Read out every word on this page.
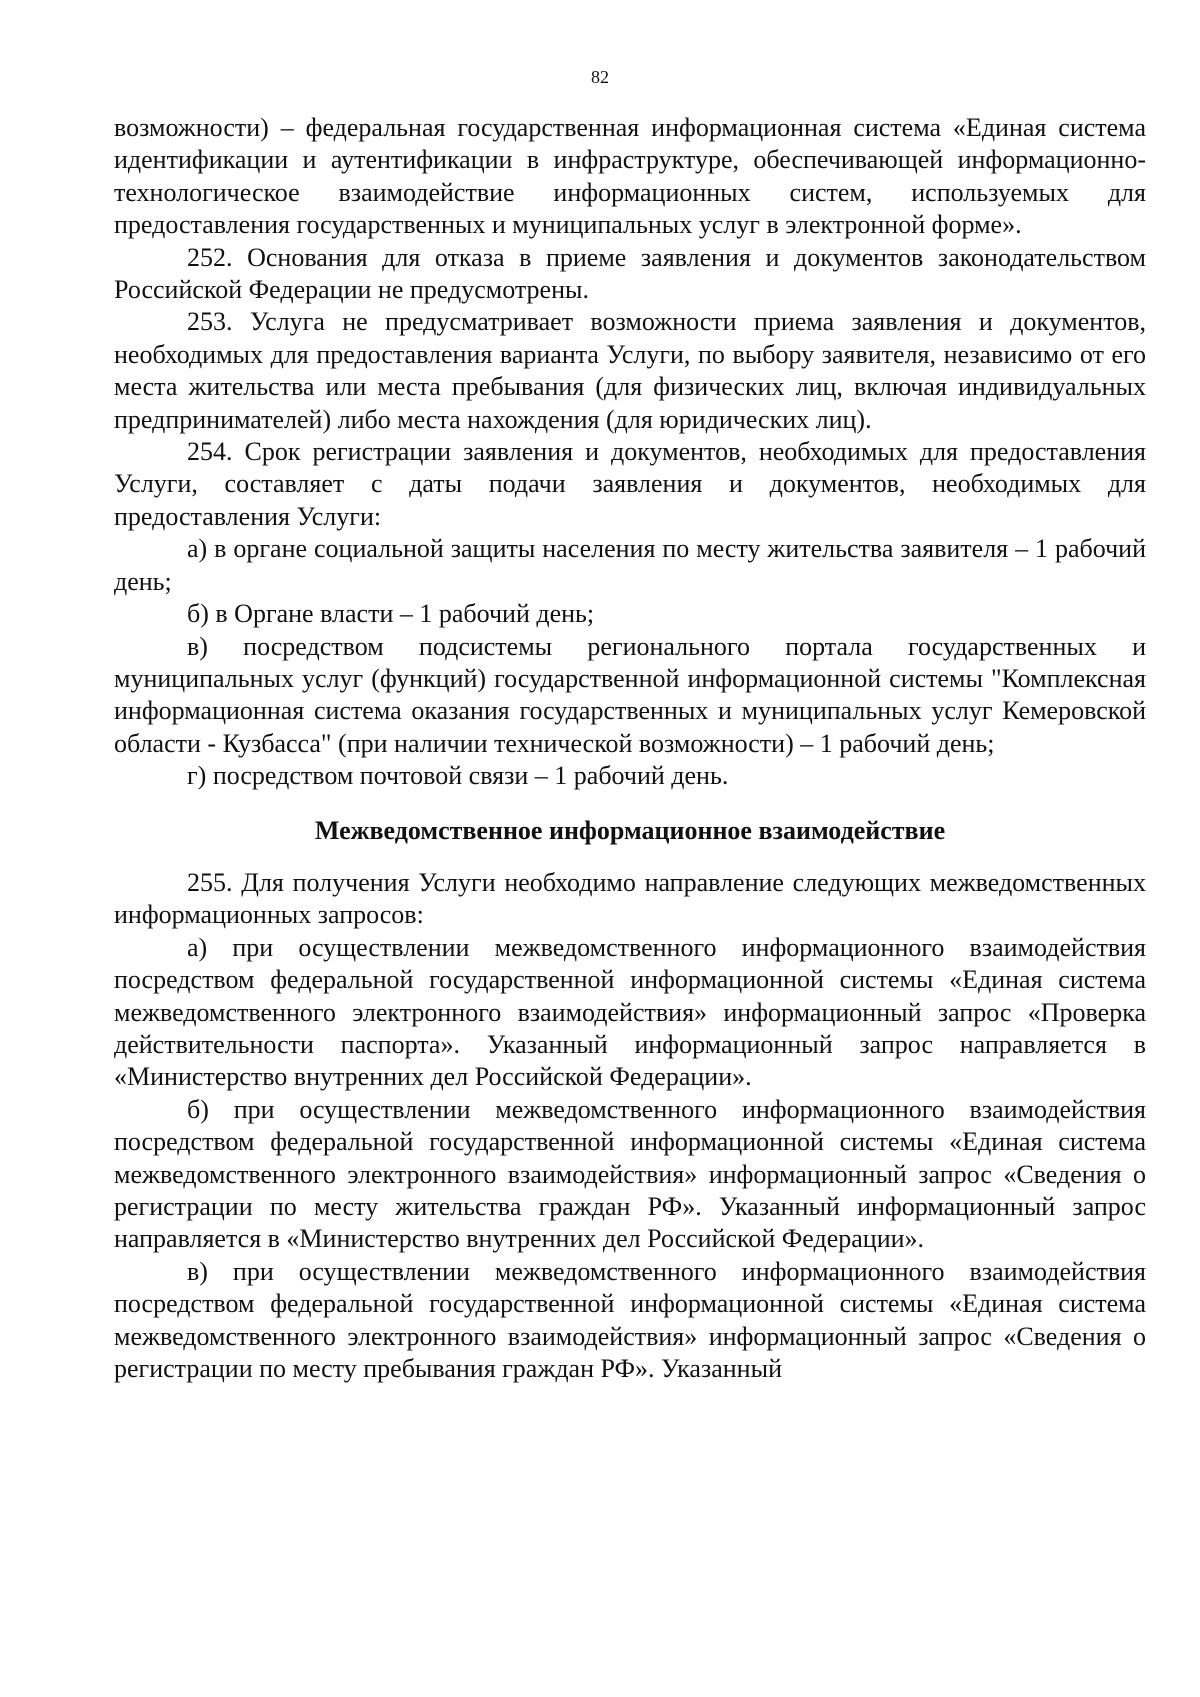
82

возможности) – федеральная государственная информационная система «Единая система идентификации и аутентификации в инфраструктуре, обеспечивающей информационно-технологическое взаимодействие информационных систем, используемых для предоставления государственных и муниципальных услуг в электронной форме».

252. Основания для отказа в приеме заявления и документов законодательством Российской Федерации не предусмотрены.

253. Услуга не предусматривает возможности приема заявления и документов, необходимых для предоставления варианта Услуги, по выбору заявителя, независимо от его места жительства или места пребывания (для физических лиц, включая индивидуальных предпринимателей) либо места нахождения (для юридических лиц).

254. Срок регистрации заявления и документов, необходимых для предоставления Услуги, составляет с даты подачи заявления и документов, необходимых для предоставления Услуги:

а) в органе социальной защиты населения по месту жительства заявителя – 1 рабочий день;

б) в Органе власти – 1 рабочий день;

в) посредством подсистемы регионального портала государственных и муниципальных услуг (функций) государственной информационной системы "Комплексная информационная система оказания государственных и муниципальных услуг Кемеровской области - Кузбасса" (при наличии технической возможности) – 1 рабочий день;

г) посредством почтовой связи – 1 рабочий день.

Межведомственное информационное взаимодействие

255. Для получения Услуги необходимо направление следующих межведомственных информационных запросов:

а) при осуществлении межведомственного информационного взаимодействия посредством федеральной государственной информационной системы «Единая система межведомственного электронного взаимодействия» информационный запрос «Проверка действительности паспорта». Указанный информационный запрос направляется в «Министерство внутренних дел Российской Федерации».

б) при осуществлении межведомственного информационного взаимодействия посредством федеральной государственной информационной системы «Единая система межведомственного электронного взаимодействия» информационный запрос «Сведения о регистрации по месту жительства граждан РФ». Указанный информационный запрос направляется в «Министерство внутренних дел Российской Федерации».

в) при осуществлении межведомственного информационного взаимодействия посредством федеральной государственной информационной системы «Единая система межведомственного электронного взаимодействия» информационный запрос «Сведения о регистрации по месту пребывания граждан РФ». Указанный
